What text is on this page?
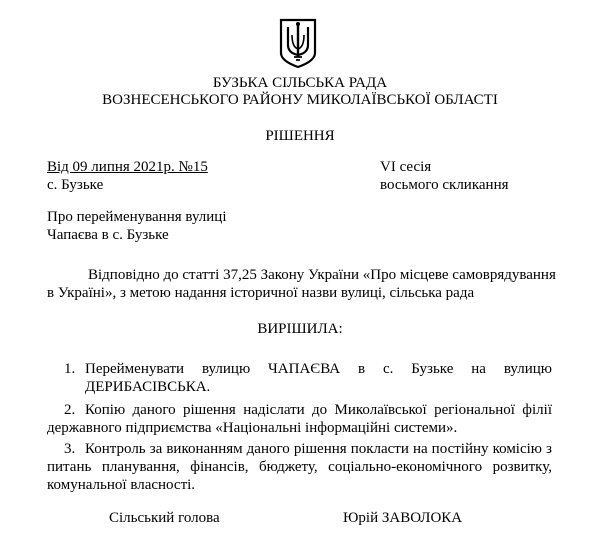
БУЗЬКА СІЛЬСЬКА РАДА
ВОЗНЕСЕНСЬКОГО РАЙОНУ МИКОЛАЇВСЬКОЇ ОБЛАСТІ
РІШЕННЯ
Від 09 липня 2021р. №15
с. Бузьке
VI сесія
восьмого скликання
Про перейменування вулиці
Чапаєва в с. Бузьке
Відповідно до статті 37,25 Закону України «Про місцеве самоврядування
в Україні», з метою надання історичної назви вулиці, сільська рада
ВИРІШИЛА:
1. Перейменувати вулицю ЧАПАЄВА в с. Бузьке на вулицю
ДЕРИБАСІВСЬКА.
2. Копію даного рішення надіслати до Миколаївської регіональної філії
державного підприємства «Національні інформаційні системи».
3. Контроль за виконанням даного рішення покласти на постійну комісію з
питань планування, фінансів, бюджету, соціально-економічного розвитку,
комунальної власності.
Сільський голова	Юрій ЗАВОЛОКА
